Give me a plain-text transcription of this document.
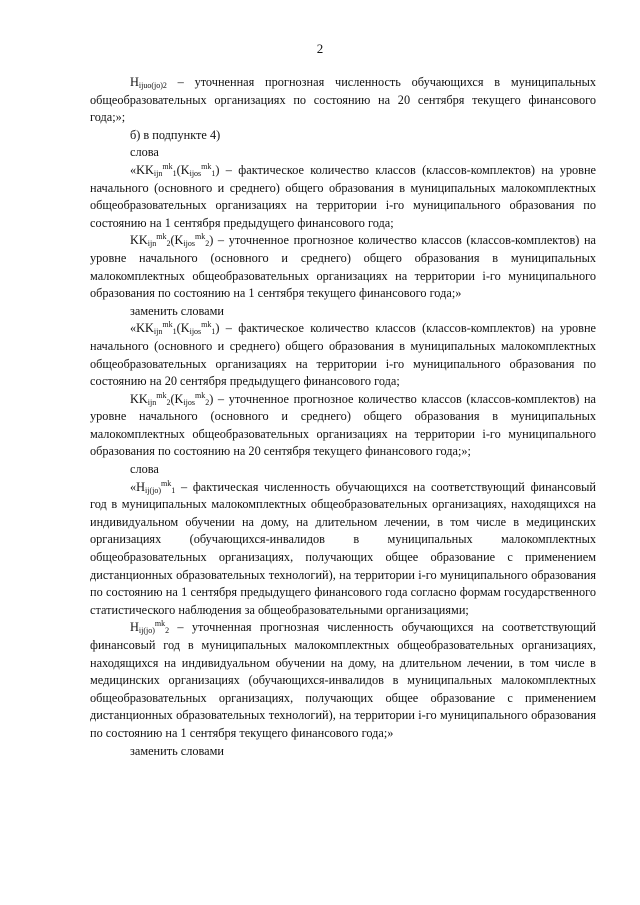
2

$H_{ijuo(jo)2}$ – уточненная прогнозная численность обучающихся в муниципальных общеобразовательных организациях по состоянию на 20 сентября текущего финансового года;»;

б) в подпункте 4)

слова

«$KK_{ijn}^{mk}_1(K_{ijos}^{mk}_1)$ – фактическое количество классов (классов-комплектов) на уровне начального (основного и среднего) общего образования в муниципальных малокомплектных общеобразовательных организациях на территории i-го муниципального образования по состоянию на 1 сентября предыдущего финансового года;

$KK_{ijn}^{mk}_2(K_{ijos}^{mk}_2)$ – уточненное прогнозное количество классов (классов-комплектов) на уровне начального (основного и среднего) общего образования в муниципальных малокомплектных общеобразовательных организациях на территории i-го муниципального образования по состоянию на 1 сентября текущего финансового года;»

заменить словами

«$KK_{ijn}^{mk}_1(K_{ijos}^{mk}_1)$ – фактическое количество классов (классов-комплектов) на уровне начального (основного и среднего) общего образования в муниципальных малокомплектных общеобразовательных организациях на территории i-го муниципального образования по состоянию на 20 сентября предыдущего финансового года;

$KK_{ijn}^{mk}_2(K_{ijos}^{mk}_2)$ – уточненное прогнозное количество классов (классов-комплектов) на уровне начального (основного и среднего) общего образования в муниципальных малокомплектных общеобразовательных организациях на территории i-го муниципального образования по состоянию на 20 сентября текущего финансового года;»;

слова

«$H_{ij(jo)}^{mk}_1$ – фактическая численность обучающихся на соответствующий финансовый год в муниципальных малокомплектных общеобразовательных организациях, находящихся на индивидуальном обучении на дому, на длительном лечении, в том числе в медицинских организациях (обучающихся-инвалидов в муниципальных малокомплектных общеобразовательных организациях, получающих общее образование с применением дистанционных образовательных технологий), на территории i-го муниципального образования по состоянию на 1 сентября предыдущего финансового года согласно формам государственного статистического наблюдения за общеобразовательными организациями;

$H_{ij(jo)}^{mk}_2$ – уточненная прогнозная численность обучающихся на соответствующий финансовый год в муниципальных малокомплектных общеобразовательных организациях, находящихся на индивидуальном обучении на дому, на длительном лечении, в том числе в медицинских организациях (обучающихся-инвалидов в муниципальных малокомплектных общеобразовательных организациях, получающих общее образование с применением дистанционных образовательных технологий), на территории i-го муниципального образования по состоянию на 1 сентября текущего финансового года;»

заменить словами
